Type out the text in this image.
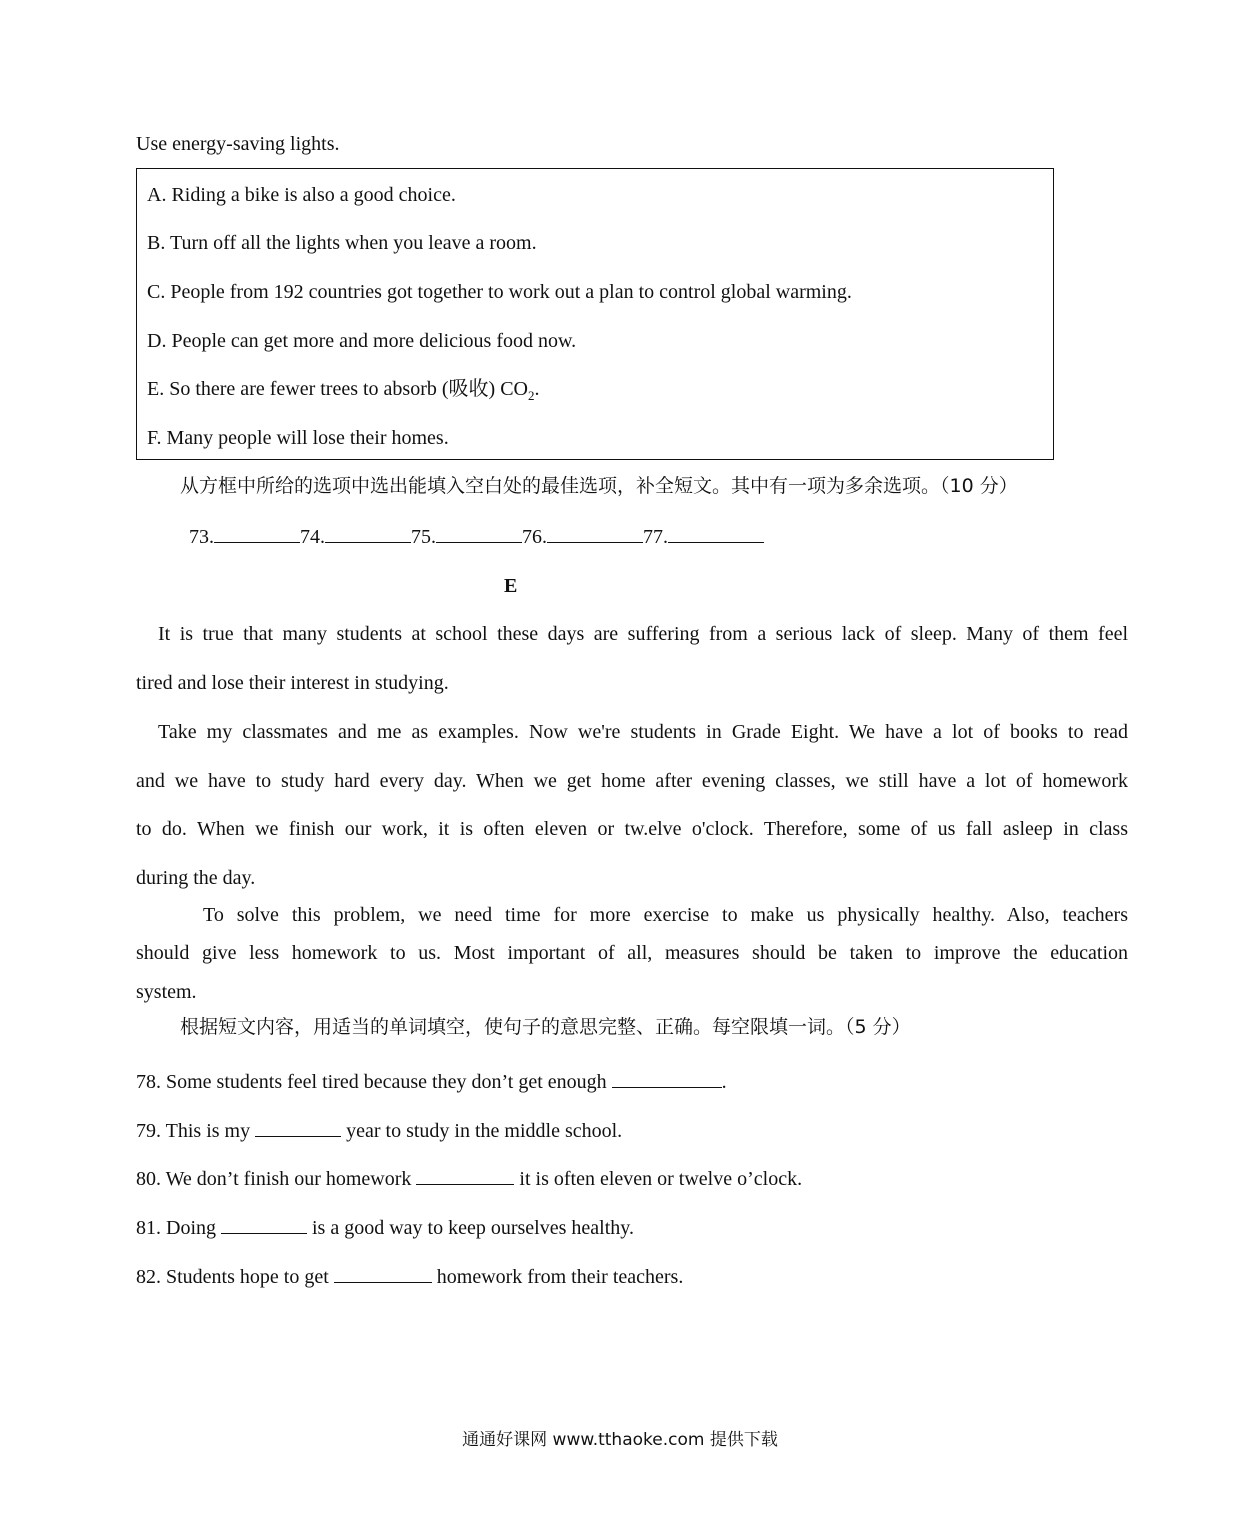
Use energy-saving lights.
A. Riding a bike is also a good choice.
B. Turn off all the lights when you leave a room.
C. People from 192 countries got together to work out a plan to control global warming.
D. People can get more and more delicious food now.
E. So there are fewer trees to absorb (吸收) $CO_2$.
F. Many people will lose their homes.
从方框中所给的选项中选出能填入空白处的最佳选项，补全短文。其中有一项为多余选项。（10 分）
73.	74.	75.	76.	77.
E
It is true that many students at school these days are suffering from a serious lack of sleep. Many of them feel
tired and lose their interest in studying.
Take my classmates and me as examples. Now we're students in Grade Eight. We have a lot of books to read
and we have to study hard every day. When we get home after evening classes, we still have a lot of homework
to do. When we finish our work, it is often eleven or tw.elve o'clock. Therefore, some of us fall asleep in class
during the day.
To solve this problem, we need time for more exercise to make us physically healthy. Also, teachers
should give less homework to us. Most important of all, measures should be taken to improve the education
system.
根据短文内容，用适当的单词填空，使句子的意思完整、正确。每空限填一词。（5 分）
78. Some students feel tired because they don’t get enough	.
79. This is my	year to study in the middle school.
80. We don’t finish our homework	it is often eleven or twelve o’clock.
81. Doing	is a good way to keep ourselves healthy.
82. Students hope to get	homework from their teachers.
通通好课网 www.tthaoke.com 提供下载
